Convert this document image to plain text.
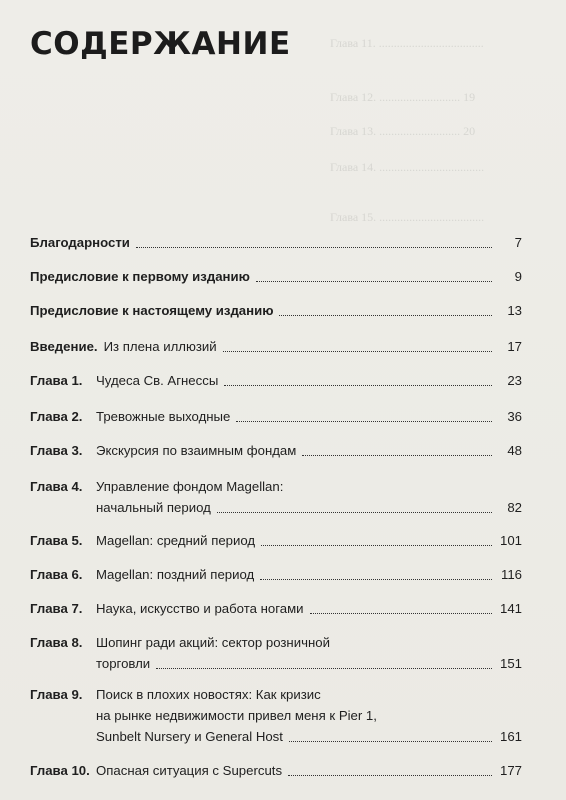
Глава 11. ...................................
Глава 12. ........................... 19
Глава 13. ........................... 20
Глава 14. ...................................
Глава 15. ...................................
СОДЕРЖАНИЕ
Благодарности	7
Предисловие к первому изданию	9
Предисловие к настоящему изданию	13
Введение. Из плена иллюзий	17
Глава 1.	Чудеса Св. Агнессы	23
Глава 2.	Тревожные выходные	36
Глава 3.	Экскурсия по взаимным фондам	48
Глава 4.	Управление фондом Magellan:
начальный период	82
Глава 5.	Magellan: средний период	101
Глава 6.	Magellan: поздний период	116
Глава 7.	Наука, искусство и работа ногами	141
Глава 8.	Шопинг ради акций: сектор розничной
торговли	151
Глава 9.	Поиск в плохих новостях: Как кризис
на рынке недвижимости привел меня к Pier 1,
Sunbelt Nursery и General Host	161
Глава 10. Опасная ситуация с Supercuts	177
